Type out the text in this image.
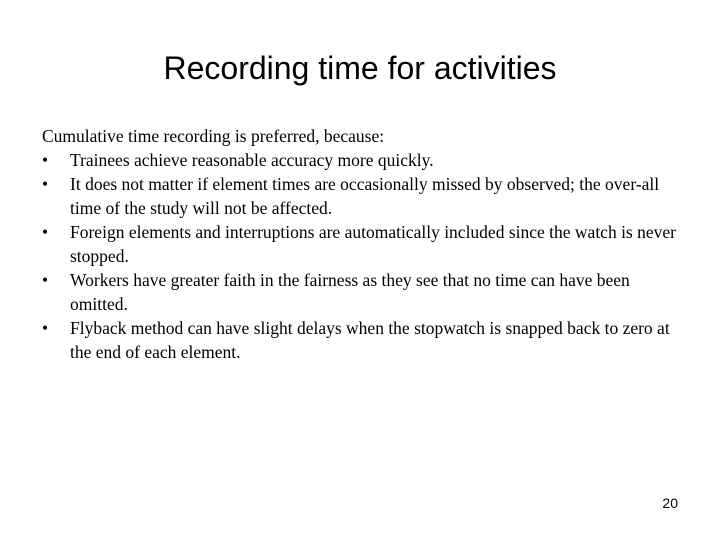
Recording time for activities

Cumulative time recording is preferred, because:

•	Trainees achieve reasonable accuracy more quickly.
•	It does not matter if element times are occasionally missed by observed; the over-all time of the study will not be affected.
•	Foreign elements and interruptions are automatically included since the watch is never stopped.
•	Workers have greater faith in the fairness as they see that no time can have been omitted.
•	Flyback method can have slight delays when the stopwatch is snapped back to zero at the end of each element.
20
